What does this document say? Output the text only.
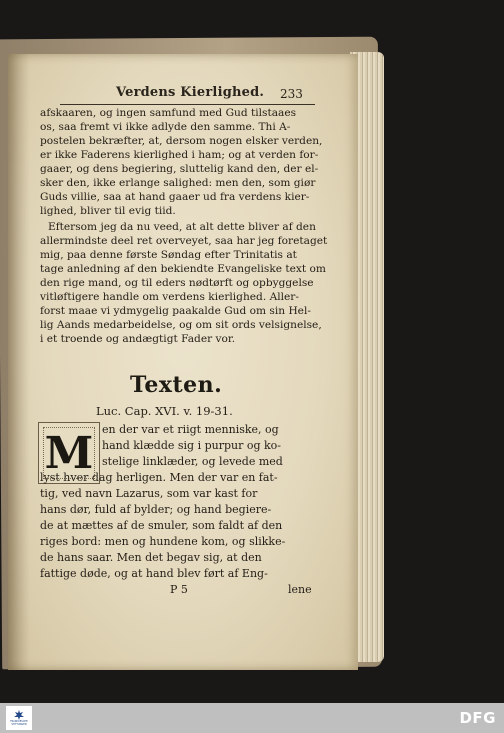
Verdens Kierlighed. 233
afskaaren, og ingen samfund med Gud tilstaaes
os, saa fremt vi ikke adlyde den samme. Thi A-
postelen bekræfter, at, dersom nogen elsker verden,
er ikke Faderens kierlighed i ham; og at verden for-
gaaer, og dens begiering, sluttelig kand den, der el-
sker den, ikke erlange salighed: men den, som giør
Guds villie, saa at hand gaaer ud fra verdens kier-
lighed, bliver til evig tiid.
Eftersom jeg da nu veed, at alt dette bliver af den
allermindste deel ret overveyet, saa har jeg foretaget
mig, paa denne første Søndag efter Trinitatis at
tage anledning af den bekiendte Evangeliske text om
den rige mand, og til eders nødtørft og opbyggelse
vitløftigere handle om verdens kierlighed. Aller-
forst maae vi ydmygelig paakalde Gud om sin Hel-
lig Aands medarbeidelse, og om sit ords velsignelse,
i et troende og andægtigt Fader vor.
Texten.
Luc. Cap. XVI. v. 19-31.
M en der var et riigt menniske, og
hand klædde sig i purpur og ko-
stelige linklæder, og levede med
lyst hver dag herligen. Men der var en fat-
tig, ved navn Lazarus, som var kast for
hans dør, fuld af bylder; og hand begiere-
de at mættes af de smuler, som faldt af den
riges bord: men og hundene kom, og slikke-
de hans saar. Men det begav sig, at den
fattige døde, og at hand blev ført af Eng-
P 5	lene
FRANCKESCHE STIFTUNGEN	DFG
